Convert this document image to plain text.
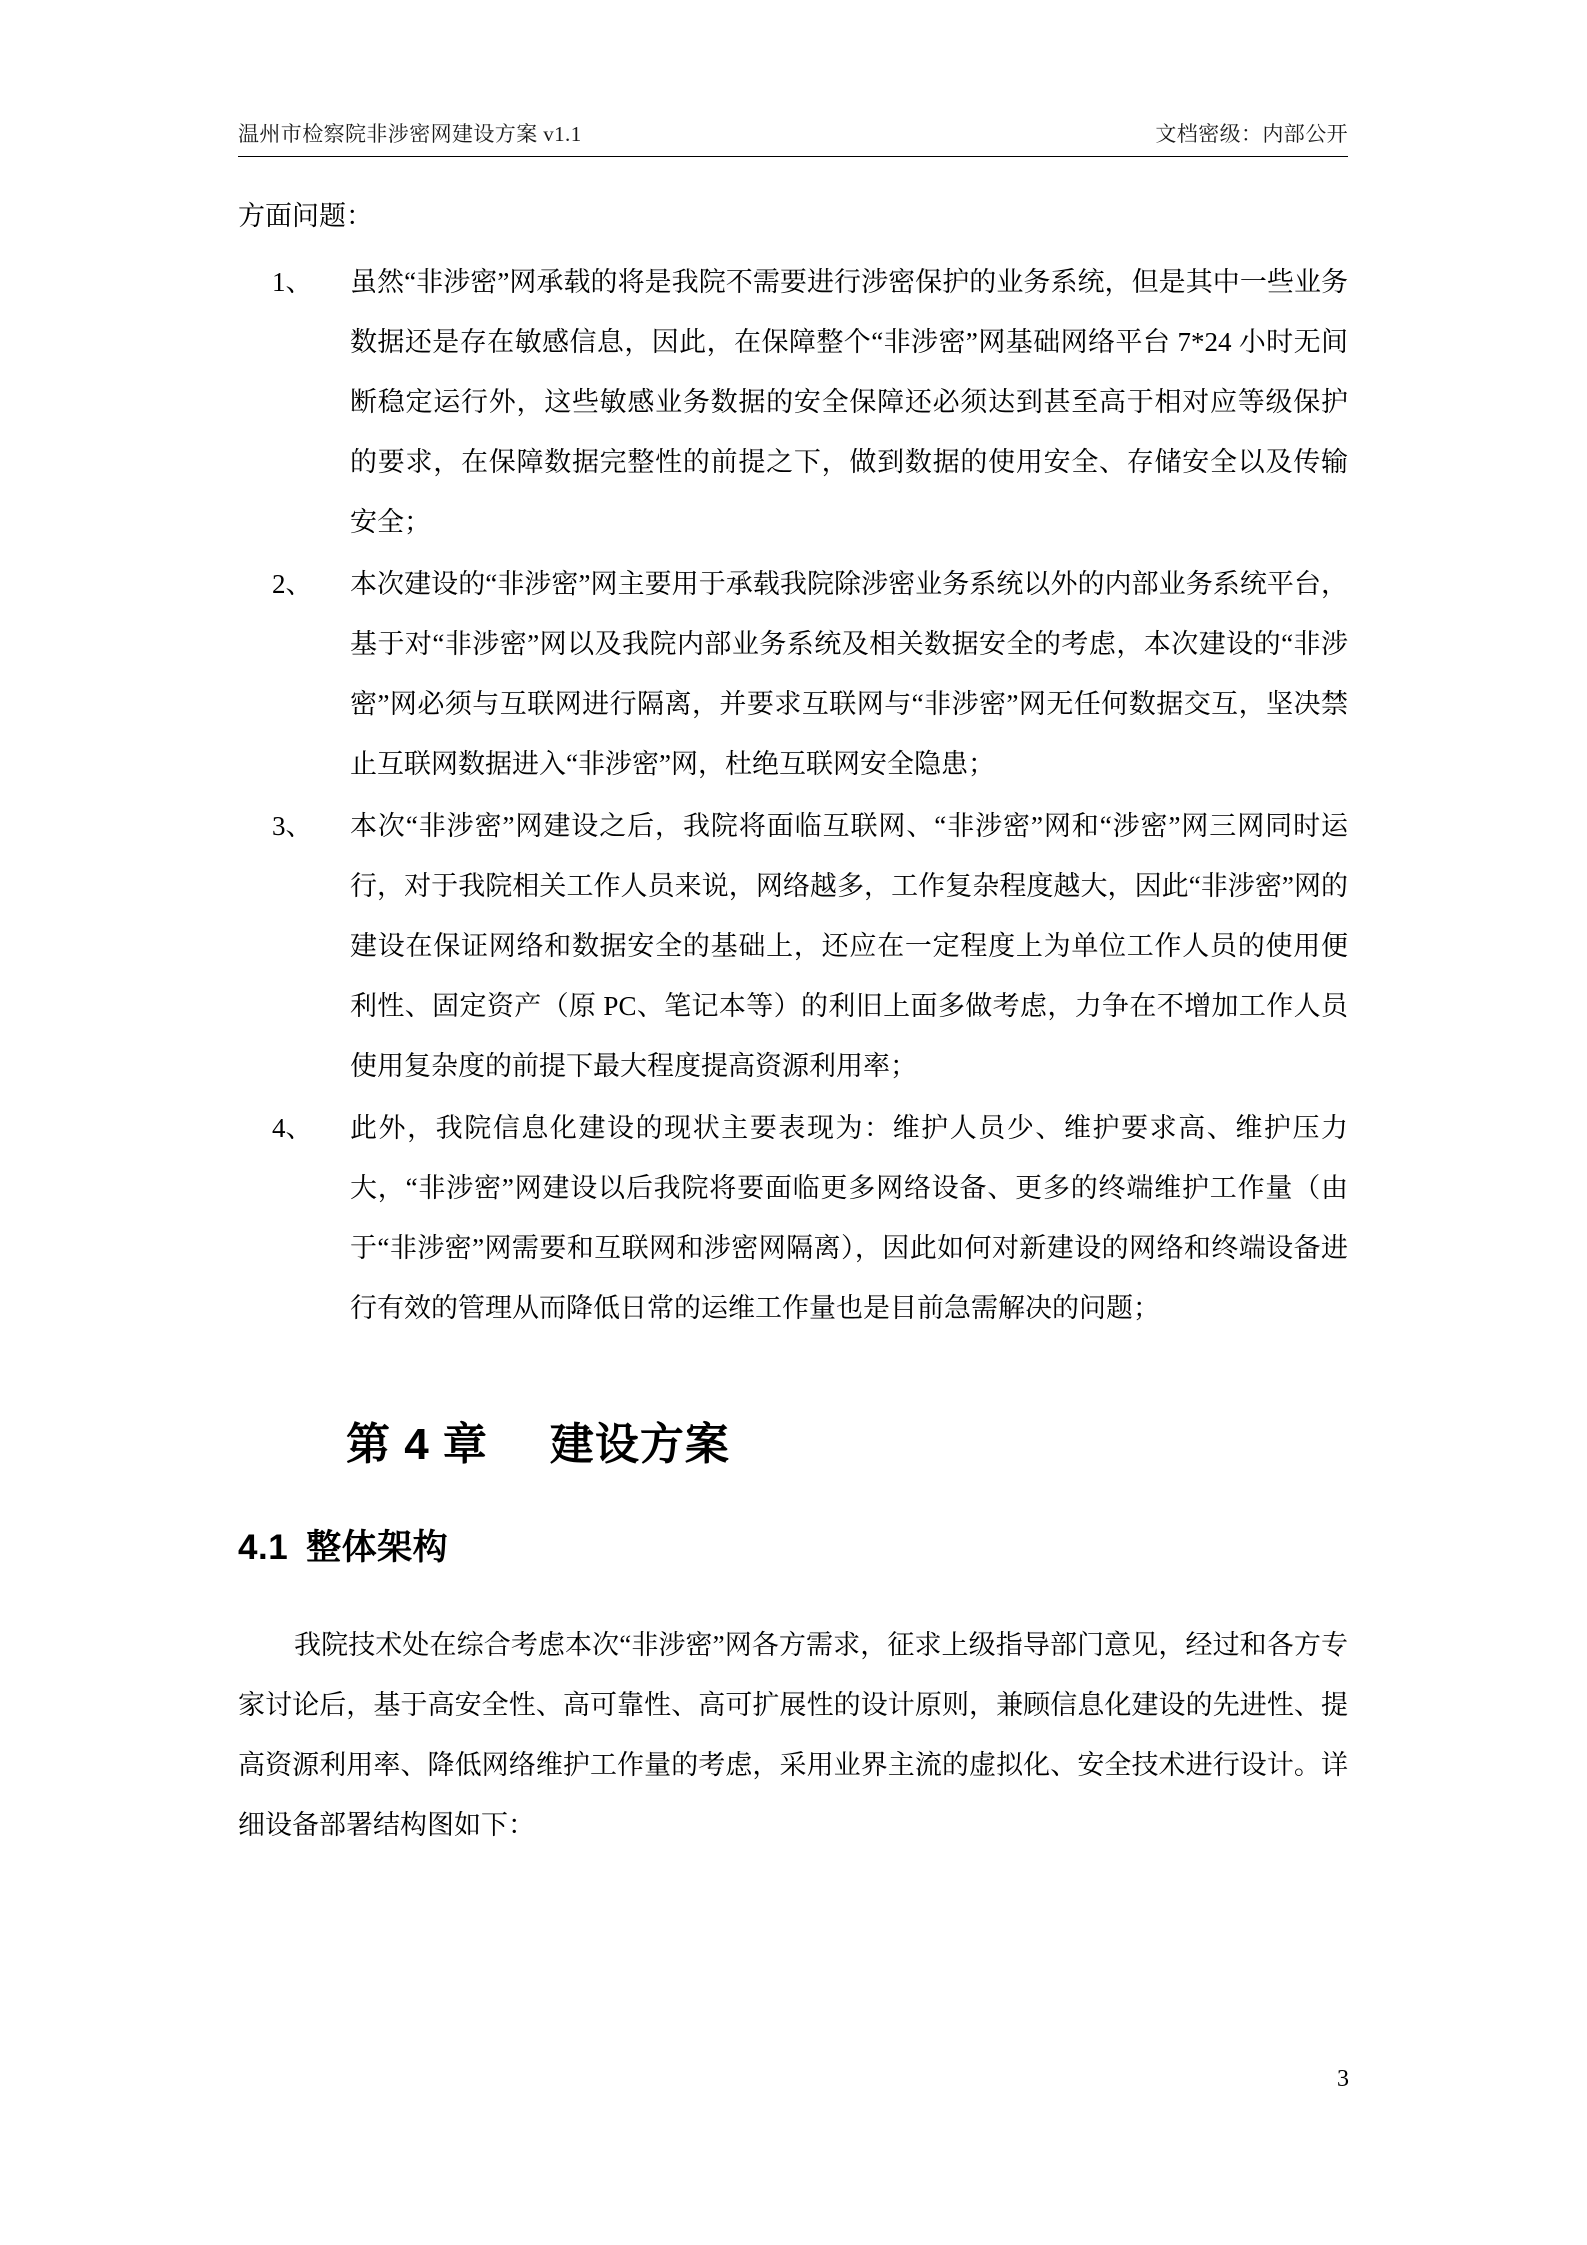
温州市检察院非涉密网建设方案 v1.1	文档密级：内部公开

方面问题：

1、	虽然“非涉密”网承载的将是我院不需要进行涉密保护的业务系统，但是其中一些业务数据还是存在敏感信息，因此，在保障整个“非涉密”网基础网络平台 7*24 小时无间断稳定运行外，这些敏感业务数据的安全保障还必须达到甚至高于相对应等级保护的要求，在保障数据完整性的前提之下，做到数据的使用安全、存储安全以及传输安全；
2、	本次建设的“非涉密”网主要用于承载我院除涉密业务系统以外的内部业务系统平台，基于对“非涉密”网以及我院内部业务系统及相关数据安全的考虑，本次建设的“非涉密”网必须与互联网进行隔离，并要求互联网与“非涉密”网无任何数据交互，坚决禁止互联网数据进入“非涉密”网，杜绝互联网安全隐患；
3、	本次“非涉密”网建设之后，我院将面临互联网、“非涉密”网和“涉密”网三网同时运行，对于我院相关工作人员来说，网络越多，工作复杂程度越大，因此“非涉密”网的建设在保证网络和数据安全的基础上，还应在一定程度上为单位工作人员的使用便利性、固定资产（原 PC、笔记本等）的利旧上面多做考虑，力争在不增加工作人员使用复杂度的前提下最大程度提高资源利用率；
4、	此外，我院信息化建设的现状主要表现为：维护人员少、维护要求高、维护压力大，“非涉密”网建设以后我院将要面临更多网络设备、更多的终端维护工作量（由于“非涉密”网需要和互联网和涉密网隔离），因此如何对新建设的网络和终端设备进行有效的管理从而降低日常的运维工作量也是目前急需解决的问题；
第 4 章 建设方案
4.1 整体架构

我院技术处在综合考虑本次“非涉密”网各方需求，征求上级指导部门意见，经过和各方专家讨论后，基于高安全性、高可靠性、高可扩展性的设计原则，兼顾信息化建设的先进性、提高资源利用率、降低网络维护工作量的考虑，采用业界主流的虚拟化、安全技术进行设计。详细设备部署结构图如下：

3
